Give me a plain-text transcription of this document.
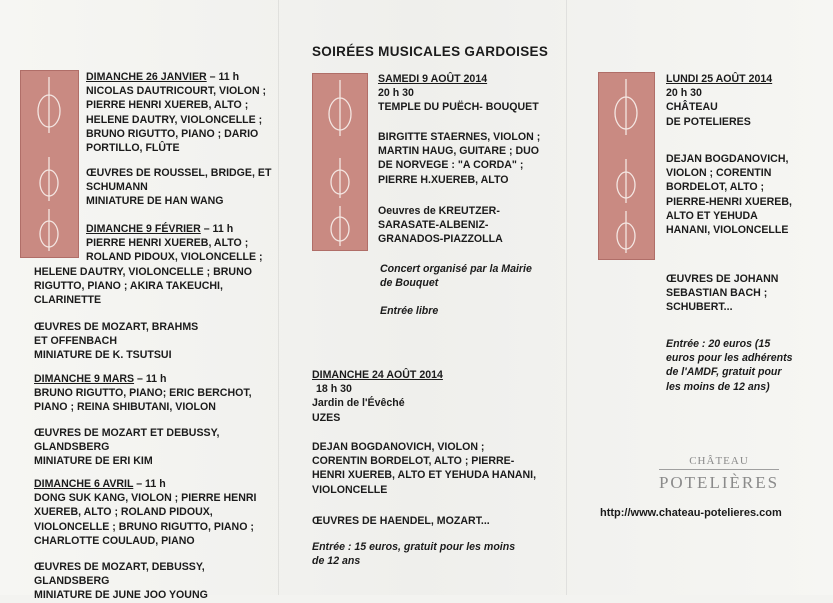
SOIRÉES MUSICALES GARDOISES
DIMANCHE 26 JANVIER – 11 h
NICOLAS DAUTRICOURT, VIOLON ;
PIERRE HENRI XUEREB, ALTO ;
HELENE DAUTRY, VIOLONCELLE ;
BRUNO RIGUTTO, PIANO ; DARIO
PORTILLO, FLÛTE
ŒUVRES DE ROUSSEL, BRIDGE, ET
SCHUMANN
MINIATURE DE HAN WANG
DIMANCHE 9 FÉVRIER – 11 h
PIERRE HENRI XUEREB, ALTO ;
ROLAND PIDOUX, VIOLONCELLE ;
HELENE DAUTRY, VIOLONCELLE ; BRUNO
RIGUTTO, PIANO ; AKIRA TAKEUCHI,
CLARINETTE
ŒUVRES DE MOZART, BRAHMS
ET OFFENBACH
MINIATURE DE K. TSUTSUI
DIMANCHE 9 MARS – 11 h
BRUNO RIGUTTO, PIANO; ERIC BERCHOT,
PIANO ; REINA SHIBUTANI, VIOLON
ŒUVRES DE MOZART ET DEBUSSY,
GLANDSBERG
MINIATURE DE ERI KIM
DIMANCHE 6 AVRIL – 11 h
DONG SUK KANG, VIOLON ; PIERRE HENRI
XUEREB, ALTO ; ROLAND PIDOUX,
VIOLONCELLE ; BRUNO RIGUTTO, PIANO ;
CHARLOTTE COULAUD, PIANO
ŒUVRES DE MOZART, DEBUSSY,
GLANDSBERG
MINIATURE DE JUNE JOO YOUNG
SAMEDI 9 AOÛT 2014
20 h 30
TEMPLE DU PUËCH- BOUQUET
BIRGITTE STAERNES, VIOLON ;
MARTIN HAUG, GUITARE ; DUO
DE NORVEGE : "A CORDA" ;
PIERRE H.XUEREB, ALTO
Oeuvres de KREUTZER-
SARASATE-ALBENIZ-
GRANADOS-PIAZZOLLA
Concert organisé par la Mairie
de Bouquet
Entrée libre
DIMANCHE 24 AOÛT 2014
18 h 30
Jardin de l'Évêché
UZES
DEJAN BOGDANOVICH, VIOLON ;
CORENTIN BORDELOT, ALTO ; PIERRE-
HENRI XUEREB, ALTO ET YEHUDA HANANI,
VIOLONCELLE
ŒUVRES DE HAENDEL, MOZART...
Entrée : 15 euros, gratuit pour les moins
de 12 ans
LUNDI 25 AOÛT 2014
20 h 30
CHÂTEAU
DE POTELIERES
DEJAN BOGDANOVICH,
VIOLON ; CORENTIN
BORDELOT, ALTO ;
PIERRE-HENRI XUEREB,
ALTO ET YEHUDA
HANANI, VIOLONCELLE
ŒUVRES DE JOHANN
SEBASTIAN BACH ;
SCHUBERT...
Entrée : 20 euros (15
euros pour les adhérents
de l'AMDF, gratuit pour
les moins de 12 ans)
CHÂTEAU
POTELIÈRES
http://www.chateau-potelieres.com
